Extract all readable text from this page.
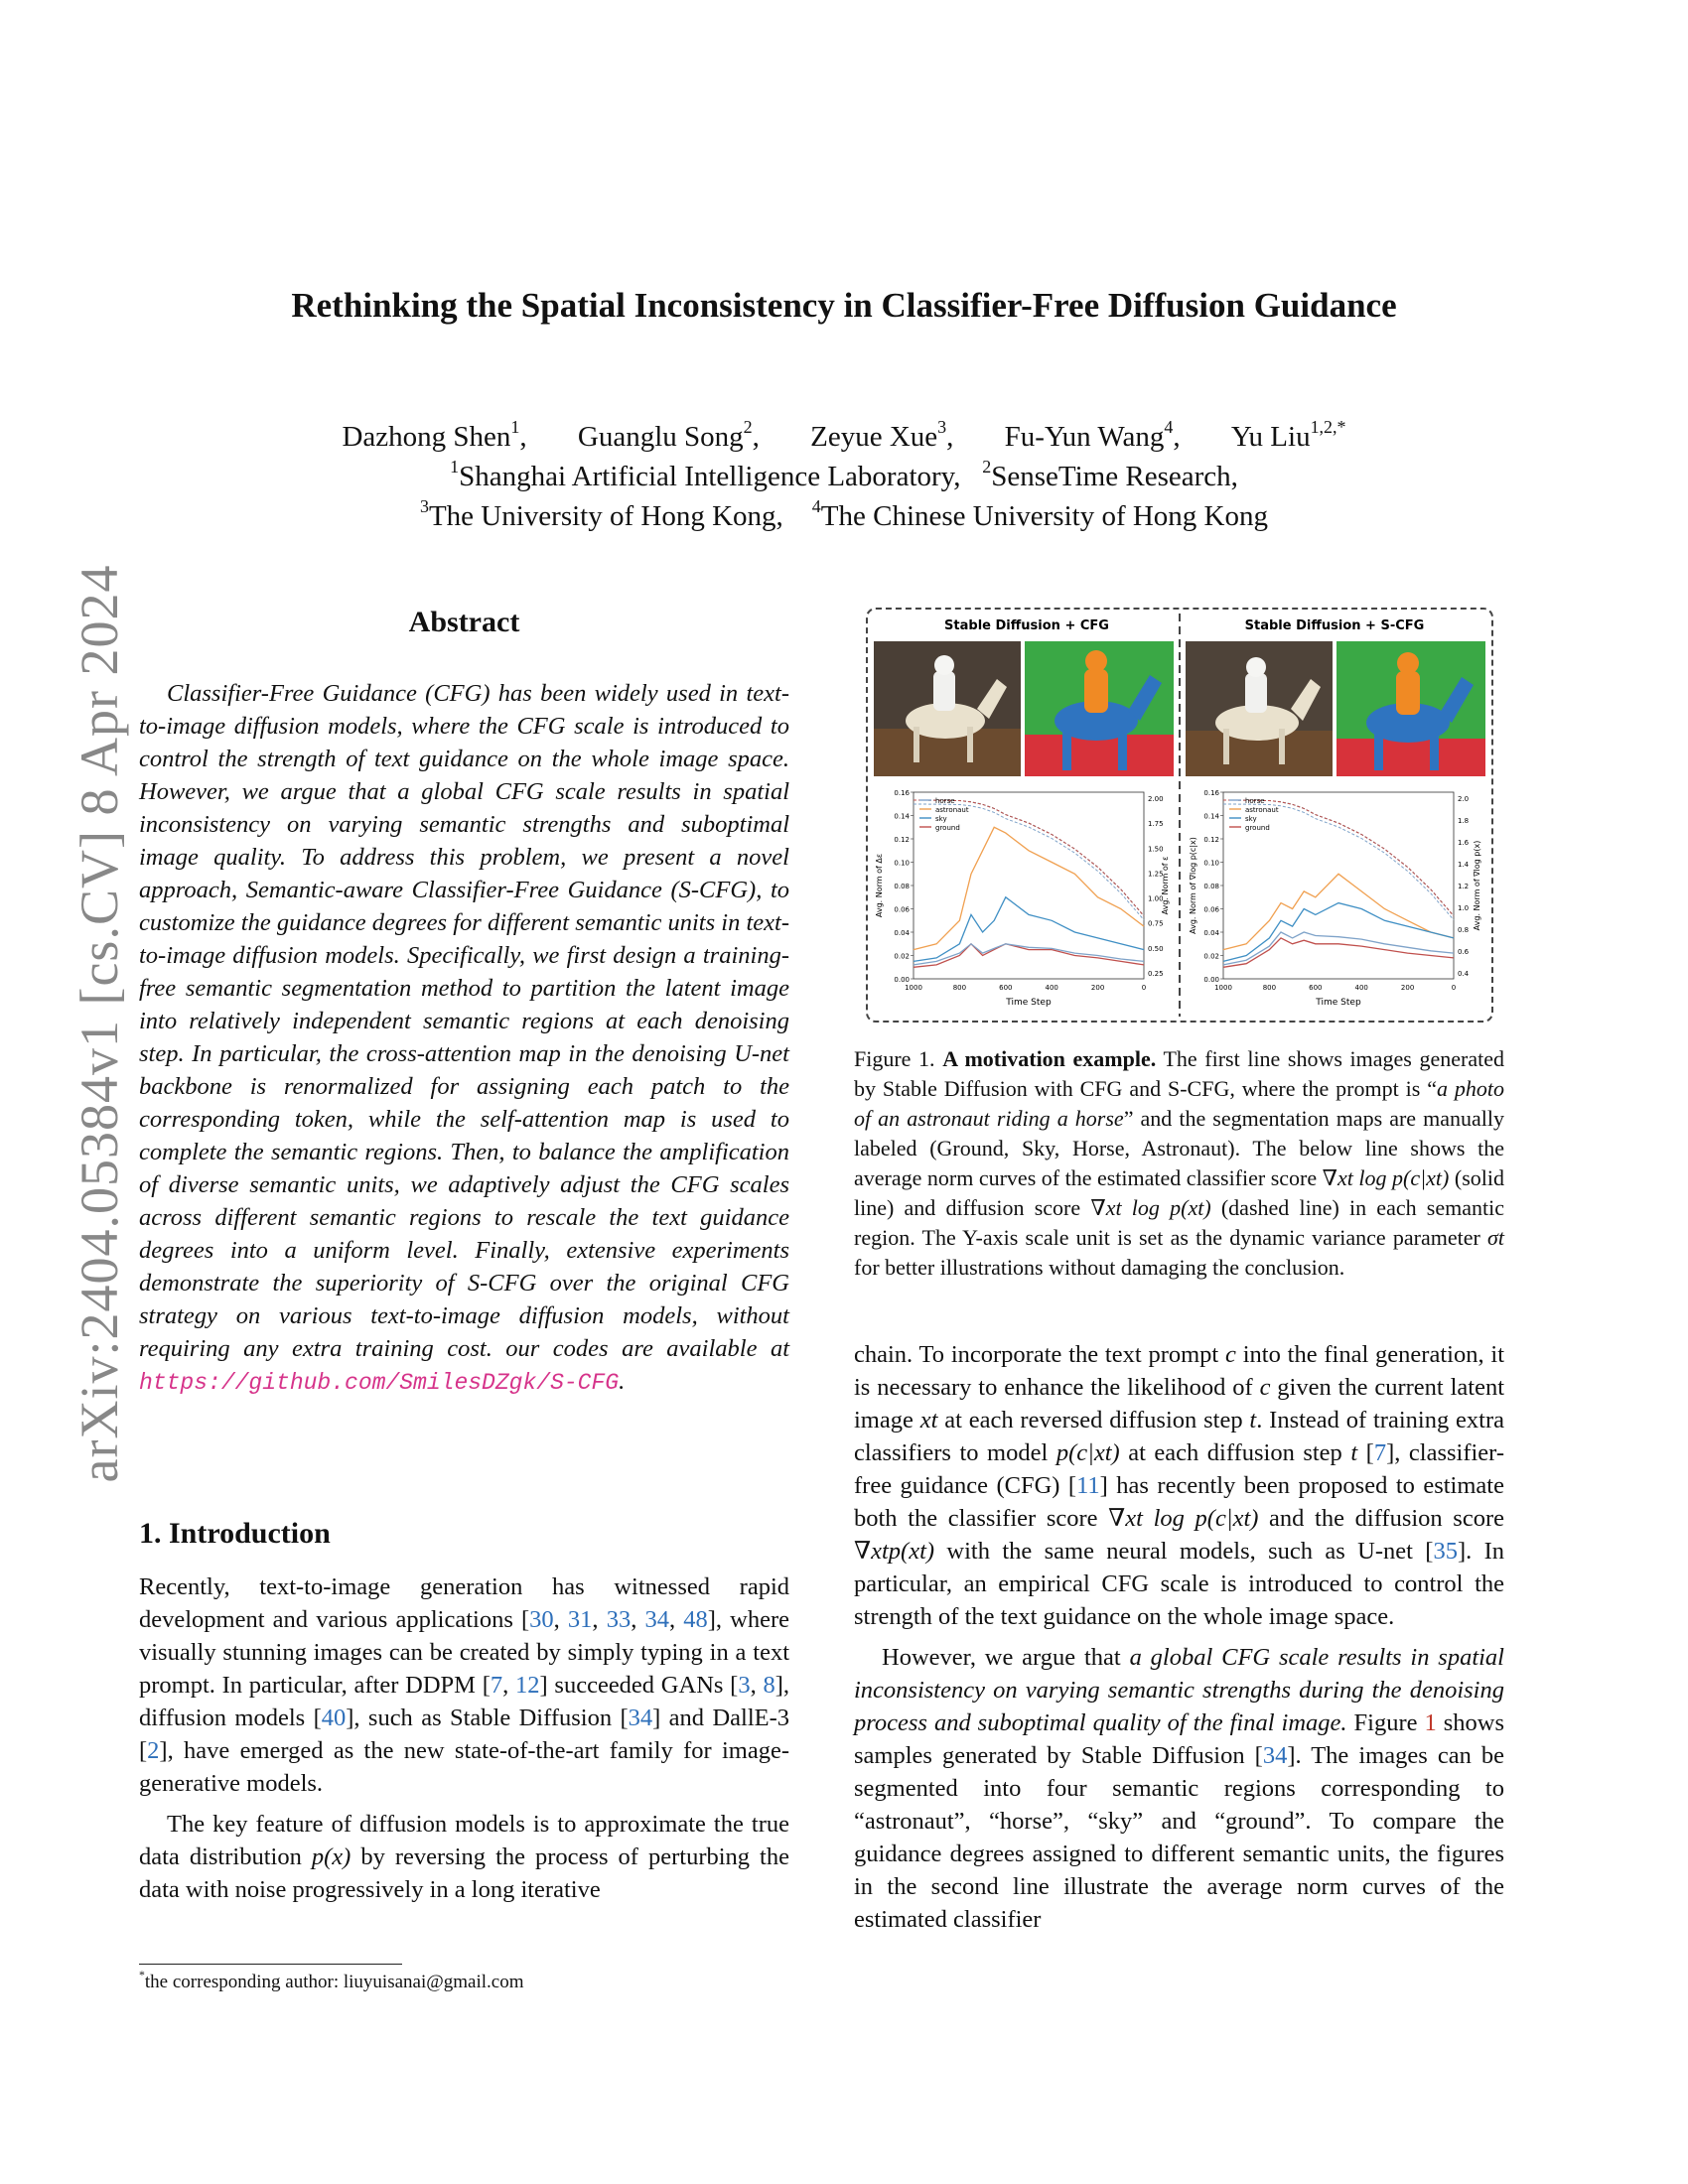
Rethinking the Spatial Inconsistency in Classifier-Free Diffusion Guidance
Dazhong Shen$^1$, Guanglu Song$^2$, Zeyue Xue$^3$, Fu-Yun Wang$^4$, Yu Liu$^{1,2,*}$
$^1$Shanghai Artificial Intelligence Laboratory, $^2$SenseTime Research,
$^3$The University of Hong Kong, $^4$The Chinese University of Hong Kong
arXiv:2404.05384v1 [cs.CV] 8 Apr 2024	Abstract
Classifier-Free Guidance (CFG) has been widely used in text-to-image diffusion models, where the CFG scale is introduced to control the strength of text guidance on the whole image space. However, we argue that a global CFG scale results in spatial inconsistency on varying semantic strengths and suboptimal image quality. To address this problem, we present a novel approach, Semantic-aware Classifier-Free Guidance (S-CFG), to customize the guidance degrees for different semantic units in text-to-image diffusion models. Specifically, we first design a training-free semantic segmentation method to partition the latent image into relatively independent semantic regions at each denoising step. In particular, the cross-attention map in the denoising U-net backbone is renormalized for assigning each patch to the corresponding token, while the self-attention map is used to complete the semantic regions. Then, to balance the amplification of diverse semantic units, we adaptively adjust the CFG scales across different semantic regions to rescale the text guidance degrees into a uniform level. Finally, extensive experiments demonstrate the superiority of S-CFG over the original CFG strategy on various text-to-image diffusion models, without requiring any extra training cost. our codes are available at https://github.com/SmilesDZgk/S-CFG.
1. Introduction

Recently, text-to-image generation has witnessed rapid development and various applications [30, 31, 33, 34, 48], where visually stunning images can be created by simply typing in a text prompt. In particular, after DDPM [7, 12] succeeded GANs [3, 8], diffusion models [40], such as Stable Diffusion [34] and DallE-3 [2], have emerged as the new state-of-the-art family for image-generative models.

The key feature of diffusion models is to approximate the true data distribution p(x) by reversing the process of perturbing the data with noise progressively in a long iterative

*the corresponding author: liuyuisanai@gmail.com
Stable Diffusion + CFG	Stable Diffusion + S-CFG
0.16
0.14
0.12
0.10
0.08
0.06
0.04
0.02
0.00
2.00
1.75
1.50
1.25
1.00
0.75
0.50
0.25
1000	800	600	400	200	0
Avg. Norm of Δε	Avg. Norm of ε
Time Step
horse
astronaut
sky
ground
0.16
0.14
0.12
0.10
0.08
0.06
0.04
0.02
0.00
2.0
1.8
1.6
1.4
1.2
1.0
0.8
0.6
0.4
1000	800	600	400	200	0
Avg. Norm of ∇log p(c|x)	Avg. Norm of ∇log p(x)
Time Step
horse
astronaut
sky
ground
Figure 1. A motivation example. The first line shows images generated by Stable Diffusion with CFG and S-CFG, where the prompt is “a photo of an astronaut riding a horse” and the segmentation maps are manually labeled (Ground, Sky, Horse, Astronaut). The below line shows the average norm curves of the estimated classifier score ∇xt log p(c|xt) (solid line) and diffusion score ∇xt log p(xt) (dashed line) in each semantic region. The Y-axis scale unit is set as the dynamic variance parameter σt for better illustrations without damaging the conclusion.

chain. To incorporate the text prompt c into the final generation, it is necessary to enhance the likelihood of c given the current latent image xt at each reversed diffusion step t. Instead of training extra classifiers to model p(c|xt) at each diffusion step t [7], classifier-free guidance (CFG) [11] has recently been proposed to estimate both the classifier score ∇xt log p(c|xt) and the diffusion score ∇xtp(xt) with the same neural models, such as U-net [35]. In particular, an empirical CFG scale is introduced to control the strength of the text guidance on the whole image space.

However, we argue that a global CFG scale results in spatial inconsistency on varying semantic strengths during the denoising process and suboptimal quality of the final image. Figure 1 shows samples generated by Stable Diffusion [34]. The images can be segmented into four semantic regions corresponding to “astronaut”, “horse”, “sky” and “ground”. To compare the guidance degrees assigned to different semantic units, the figures in the second line illustrate the average norm curves of the estimated classifier
